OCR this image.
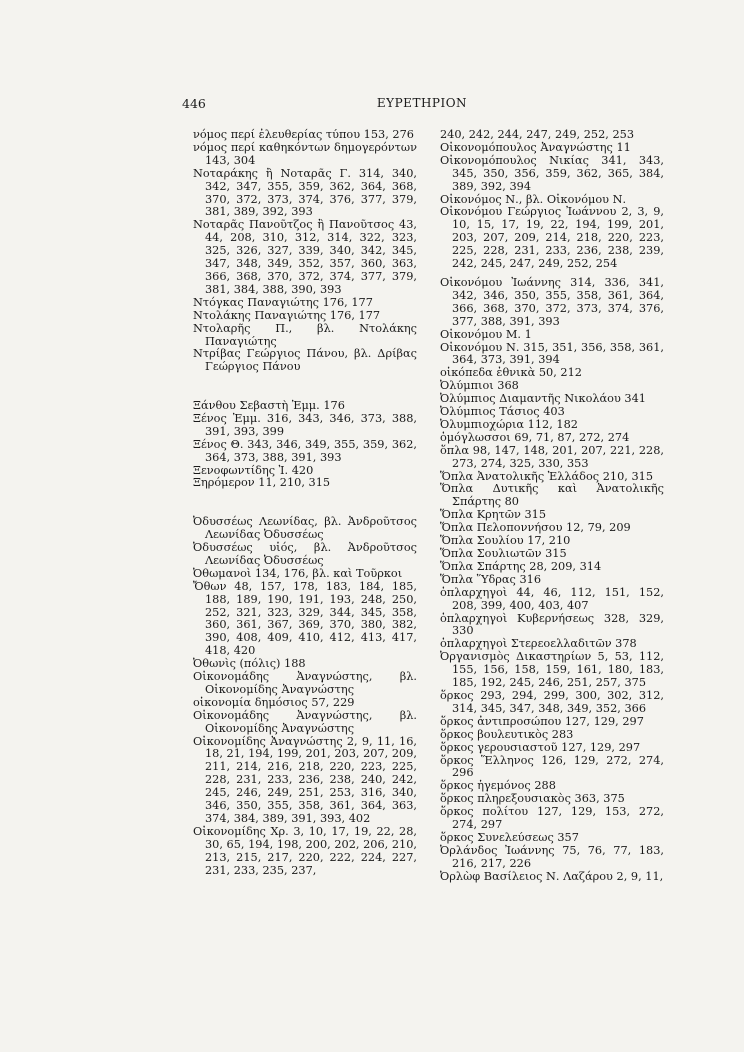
446	ΕΥΡΕΤΗΡΙΟΝ
νόμος περί ἐλευθερίας τύπου 153, 276
νόμος περί καθηκόντων δημογερόντων 143, 304
Νοταράκης ἢ Νοταρᾶς Γ. 314, 340, 342, 347, 355, 359, 362, 364, 368, 370, 372, 373, 374, 376, 377, 379, 381, 389, 392, 393
Νοταρᾶς Πανοῦτζος ἢ Πανοῦτσος 43, 44, 208, 310, 312, 314, 322, 323, 325, 326, 327, 339, 340, 342, 345, 347, 348, 349, 352, 357, 360, 363, 366, 368, 370, 372, 374, 377, 379, 381, 384, 388, 390, 393
Ντόγκας Παναγιώτης 176, 177
Ντολάκης Παναγιώτης 176, 177
Ντολαρῆς Π., βλ. Ντολάκης Παναγιώτης
Ντρίβας Γεώργιος Πάνου, βλ. Δρίβας Γεώργιος Πάνου
Ξάνθου Σεβαστὴ Ἐμμ. 176
Ξένος Ἐμμ. 316, 343, 346, 373, 388, 391, 393, 399
Ξένος Θ. 343, 346, 349, 355, 359, 362, 364, 373, 388, 391, 393
Ξενοφωντίδης Ἰ. 420
Ξηρόμερον 11, 210, 315
Ὀδυσσέως Λεωνίδας, βλ. Ἀνδροῦτσος Λεωνίδας Ὀδυσσέως
Ὀδυσσέως υἱός, βλ. Ἀνδροῦτσος Λεωνίδας Ὀδυσσέως
Ὀθωμανοὶ 134, 176, βλ. καὶ Τοῦρκοι
Ὄθων 48, 157, 178, 183, 184, 185, 188, 189, 190, 191, 193, 248, 250, 252, 321, 323, 329, 344, 345, 358, 360, 361, 367, 369, 370, 380, 382, 390, 408, 409, 410, 412, 413, 417, 418, 420
Ὀθωνὶς (πόλις) 188
Οἰκονομάδης Ἀναγνώστης, βλ. Οἰκονομίδης Ἀναγνώστης
οἰκονομία δημόσιος 57, 229
Οἰκονομάδης Ἀναγνώστης, βλ. Οἰκονομίδης Ἀναγνώστης
Οἰκονομίδης Ἀναγνώστης 2, 9, 11, 16, 18, 21, 194, 199, 201, 203, 207, 209, 211, 214, 216, 218, 220, 223, 225, 228, 231, 233, 236, 238, 240, 242, 245, 246, 249, 251, 253, 316, 340, 346, 350, 355, 358, 361, 364, 363, 374, 384, 389, 391, 393, 402
Οἰκονομίδης Χρ. 3, 10, 17, 19, 22, 28, 30, 65, 194, 198, 200, 202, 206, 210, 213, 215, 217, 220, 222, 224, 227, 231, 233, 235, 237,
240, 242, 244, 247, 249, 252, 253
Οἰκονομόπουλος Ἀναγνώστης 11
Οἰκονομόπουλος Νικίας 341, 343, 345, 350, 356, 359, 362, 365, 384, 389, 392, 394
Οἰκονόμος Ν., βλ. Οἰκονόμου Ν.
Οἰκονόμου Γεώργιος Ἰωάννου 2, 3, 9, 10, 15, 17, 19, 22, 194, 199, 201, 203, 207, 209, 214, 218, 220, 223, 225, 228, 231, 233, 236, 238, 239, 242, 245, 247, 249, 252, 254
Οἰκονόμου Ἰωάννης 314, 336, 341, 342, 346, 350, 355, 358, 361, 364, 366, 368, 370, 372, 373, 374, 376, 377, 388, 391, 393
Οἰκονόμου Μ. 1
Οἰκονόμου Ν. 315, 351, 356, 358, 361, 364, 373, 391, 394
οἰκόπεδα ἐθνικὰ 50, 212
Ὀλύμπιοι 368
Ὀλύμπιος Διαμαντῆς Νικολάου 341
Ὀλύμπιος Τάσιος 403
Ὀλυμπιοχώρια 112, 182
ὁμόγλωσσοι 69, 71, 87, 272, 274
ὅπλα 98, 147, 148, 201, 207, 221, 228, 273, 274, 325, 330, 353
Ὅπλα Ἀνατολικῆς Ἑλλάδος 210, 315
Ὅπλα Δυτικῆς καὶ Ἀνατολικῆς Σπάρτης 80
Ὅπλα Κρητῶν 315
Ὅπλα Πελοποννήσου 12, 79, 209
Ὅπλα Σουλίου 17, 210
Ὅπλα Σουλιωτῶν 315
Ὅπλα Σπάρτης 28, 209, 314
Ὅπλα Ὕδρας 316
ὁπλαρχηγοὶ 44, 46, 112, 151, 152, 208, 399, 400, 403, 407
ὁπλαρχηγοὶ Κυβερνήσεως 328, 329, 330
ὁπλαρχηγοὶ Στερεοελλαδιτῶν 378
Ὀργανισμὸς Δικαστηρίων 5, 53, 112, 155, 156, 158, 159, 161, 180, 183, 185, 192, 245, 246, 251, 257, 375
ὅρκος 293, 294, 299, 300, 302, 312, 314, 345, 347, 348, 349, 352, 366
ὅρκος ἀντιπροσώπου 127, 129, 297
ὅρκος βουλευτικὸς 283
ὅρκος γερουσιαστοῦ 127, 129, 297
ὅρκος Ἕλληνος 126, 129, 272, 274, 296
ὅρκος ἡγεμόνος 288
ὅρκος πληρεξουσιακὸς 363, 375
ὅρκος πολίτου 127, 129, 153, 272, 274, 297
ὅρκος Συνελεύσεως 357
Ὀρλάνδος Ἰωάννης 75, 76, 77, 183, 216, 217, 226
Ὀρλὼφ Βασίλειος Ν. Λαζάρου 2, 9, 11,
